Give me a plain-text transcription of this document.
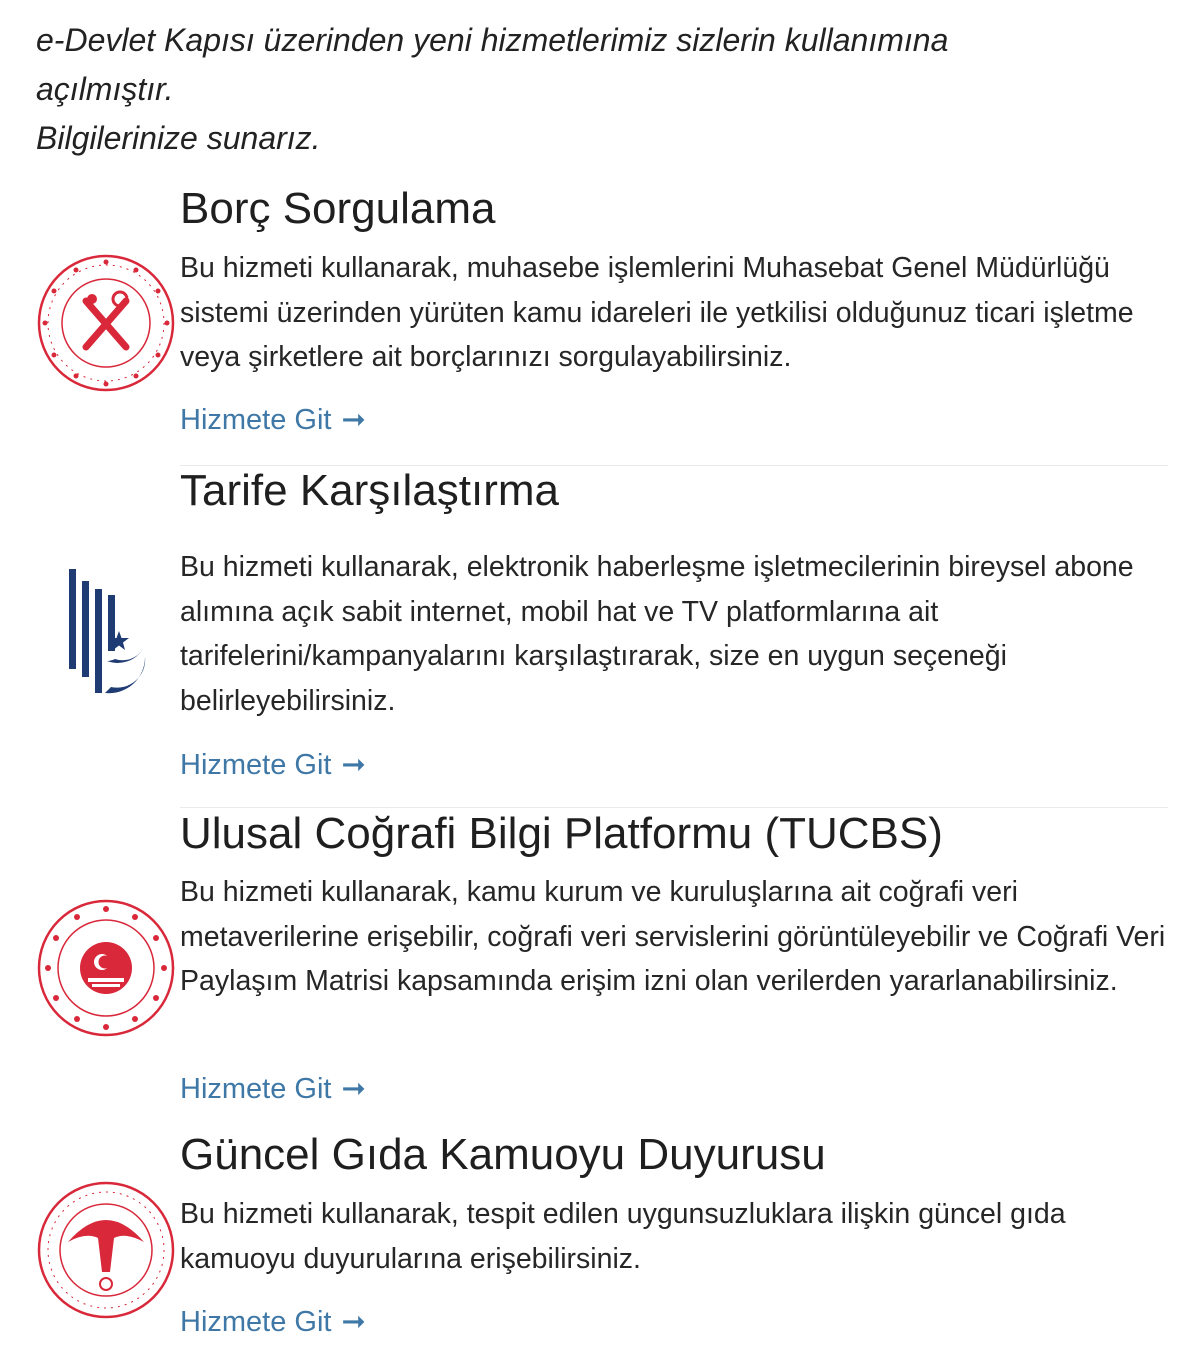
e-Devlet Kapısı üzerinden yeni hizmetlerimiz sizlerin kullanımına açılmıştır.
Bilgilerinize sunarız.
Borç Sorgulama

Bu hizmeti kullanarak, muhasebe işlemlerini Muhasebat Genel Müdürlüğü sistemi üzerinden yürüten kamu idareleri ile yetkilisi olduğunuz ticari işletme veya şirketlere ait borçlarınızı sorgulayabilirsiniz.

Hizmete Git ➞
Tarife Karşılaştırma

Bu hizmeti kullanarak, elektronik haberleşme işletmecilerinin bireysel abone alımına açık sabit internet, mobil hat ve TV platformlarına ait tarifelerini/kampanyalarını karşılaştırarak, size en uygun seçeneği belirleyebilirsiniz.

Hizmete Git ➞
Ulusal Coğrafi Bilgi Platformu (TUCBS)

Bu hizmeti kullanarak, kamu kurum ve kuruluşlarına ait coğrafi veri metaverilerine erişebilir, coğrafi veri servislerini görüntüleyebilir ve Coğrafi Veri Paylaşım Matrisi kapsamında erişim izni olan verilerden yararlanabilirsiniz.

Hizmete Git ➞
Güncel Gıda Kamuoyu Duyurusu

Bu hizmeti kullanarak, tespit edilen uygunsuzluklara ilişkin güncel gıda kamuoyu duyurularına erişebilirsiniz.

Hizmete Git ➞
